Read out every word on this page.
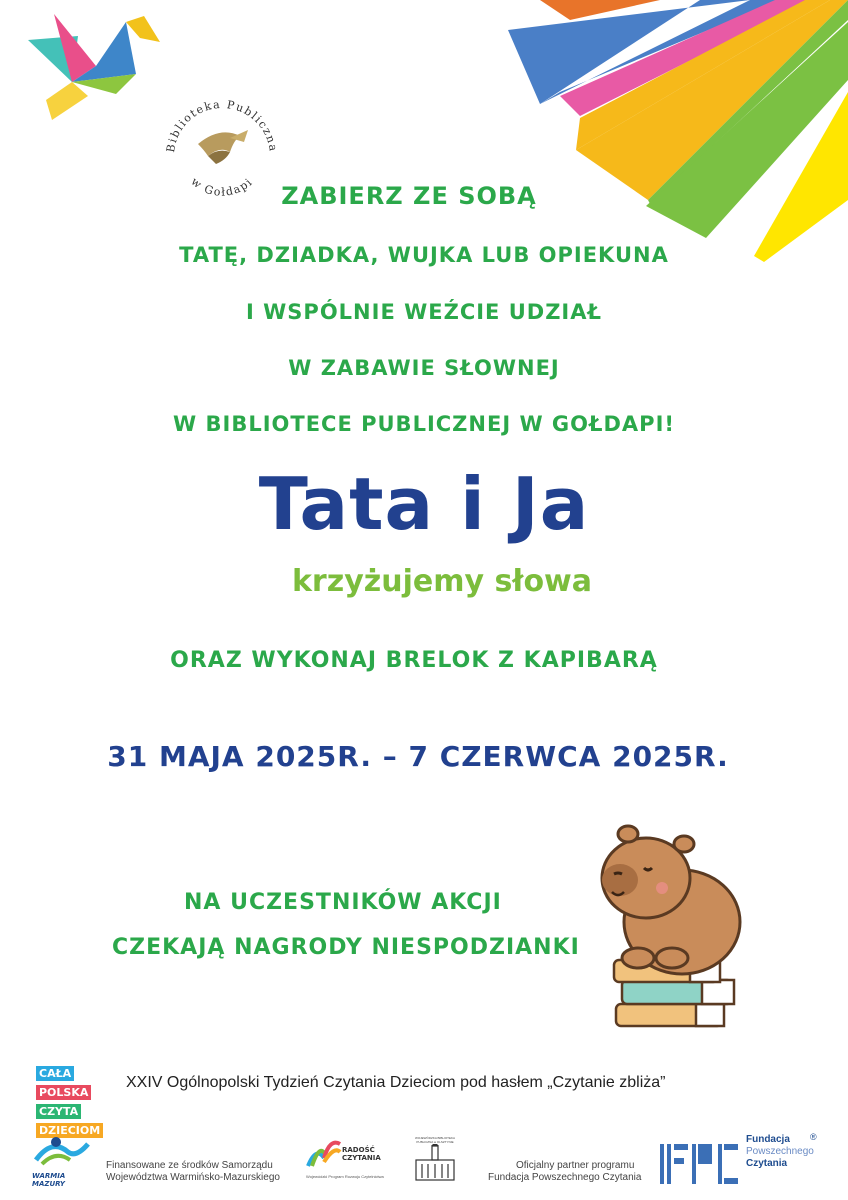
Biblioteka Publiczna
w Gołdapi
ZABIERZ ZE SOBĄ
TATĘ, DZIADKA, WUJKA LUB OPIEKUNA
I WSPÓLNIE WEŹCIE UDZIAŁ
W ZABAWIE SŁOWNEJ
W BIBLIOTECE PUBLICZNEJ W GOŁDAPI!
Tata i Ja
krzyżujemy słowa
ORAZ WYKONAJ BRELOK Z KAPIBARĄ
31 MAJA 2025R. – 7 CZERWCA 2025R.
NA UCZESTNIKÓW AKCJI
CZEKAJĄ NAGRODY NIESPODZIANKI
CAŁA
POLSKA
CZYTA
DZIECIOM
XXIV Ogólnopolski Tydzień Czytania Dzieciom pod hasłem „Czytanie zbliża”
WARMIA MAZURY
Finansowane ze środków Samorządu
Województwa Warmińsko-Mazurskiego
RADOŚĆ
CZYTANIA
Wojewódzki Program Rozwoju Czytelnictwa
WOJEWÓDZKA BIBLIOTEKA PUBLICZNA w OLSZTYNIE
Oficjalny partner programu
Fundacja Powszechnego Czytania
Fundacja
Powszechnego
Czytania
®
